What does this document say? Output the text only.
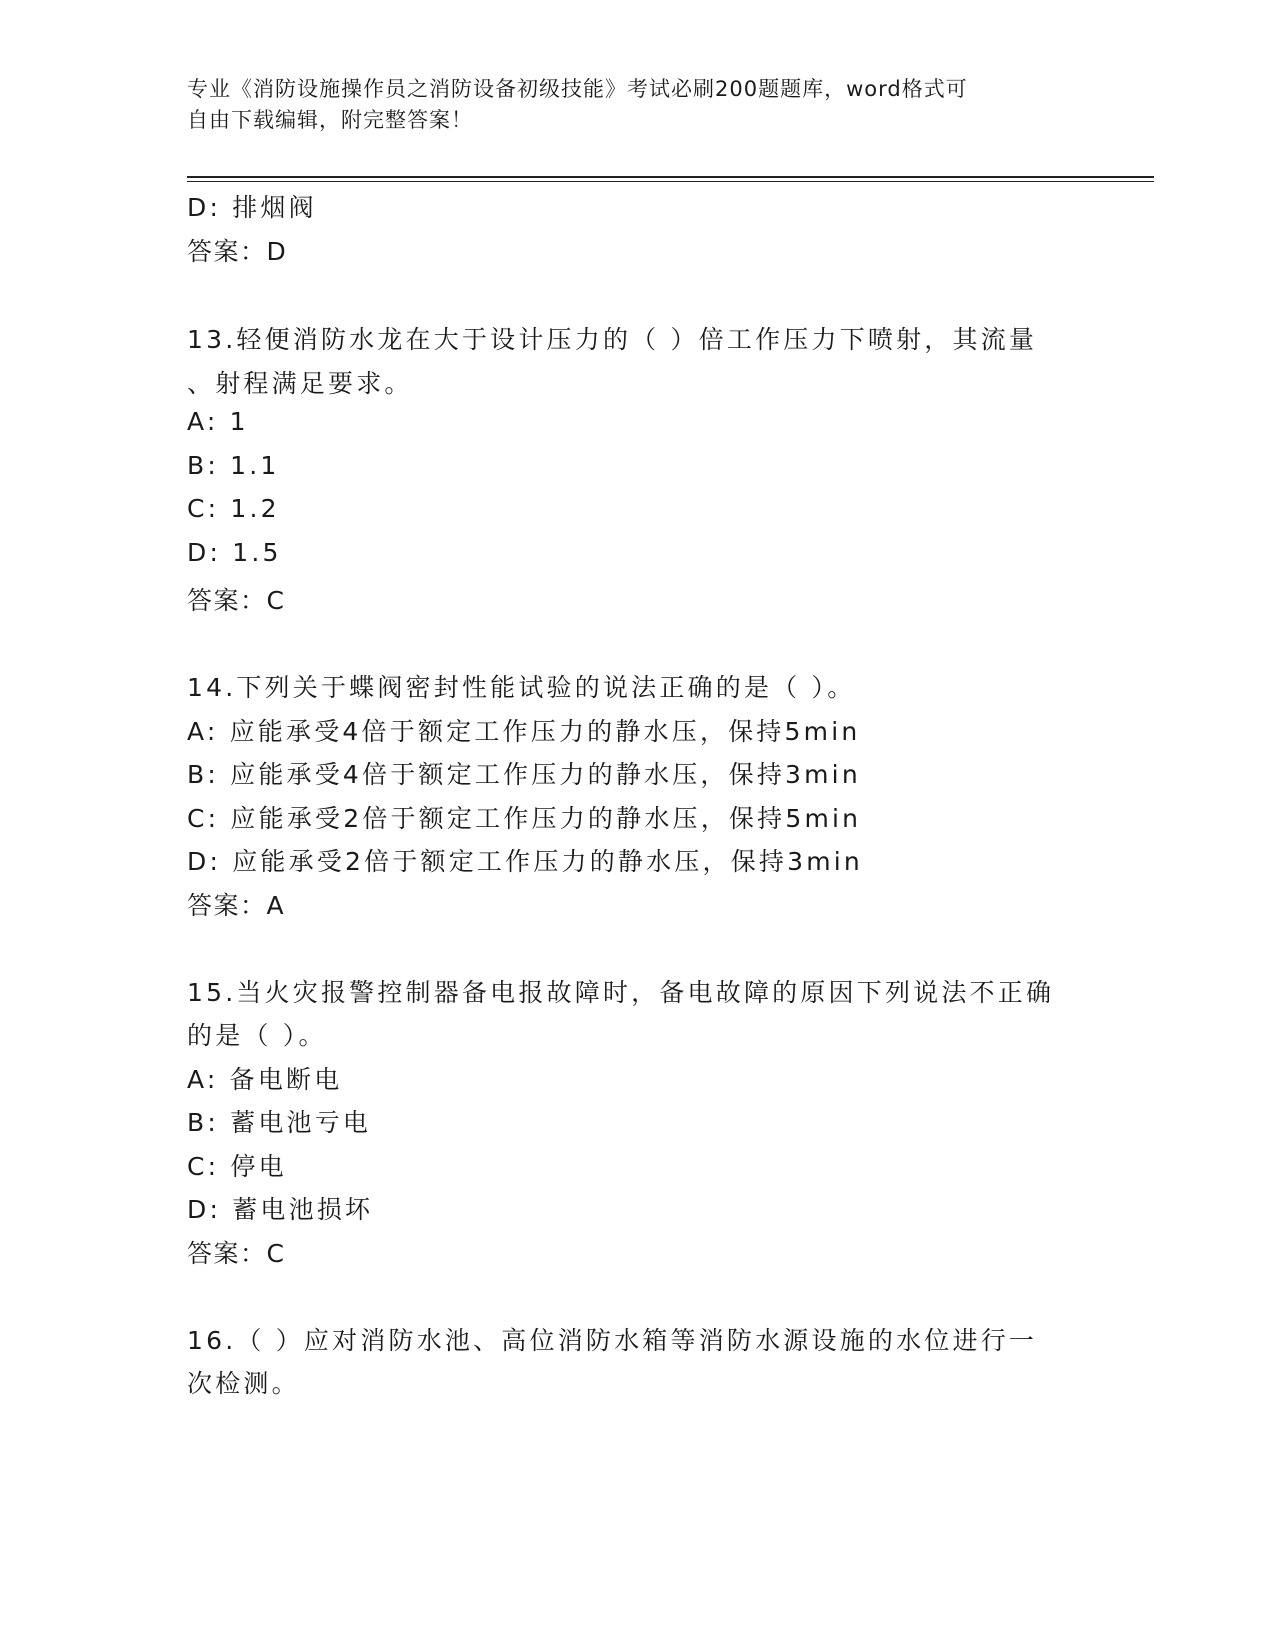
专业《消防设施操作员之消防设备初级技能》考试必刷200题题库，word格式可
自由下载编辑，附完整答案！
D: 排烟阀
答案：D
13.轻便消防水龙在大于设计压力的（ ）倍工作压力下喷射，其流量
、射程满足要求。
A: 1
B: 1.1
C: 1.2
D: 1.5
答案：C
14.下列关于蝶阀密封性能试验的说法正确的是（ ）。
A: 应能承受4倍于额定工作压力的静水压，保持5min
B: 应能承受4倍于额定工作压力的静水压，保持3min
C: 应能承受2倍于额定工作压力的静水压，保持5min
D: 应能承受2倍于额定工作压力的静水压，保持3min
答案：A
15.当火灾报警控制器备电报故障时，备电故障的原因下列说法不正确
的是（ ）。
A: 备电断电
B: 蓄电池亏电
C: 停电
D: 蓄电池损坏
答案：C
16.（ ）应对消防水池、高位消防水箱等消防水源设施的水位进行一
次检测。
